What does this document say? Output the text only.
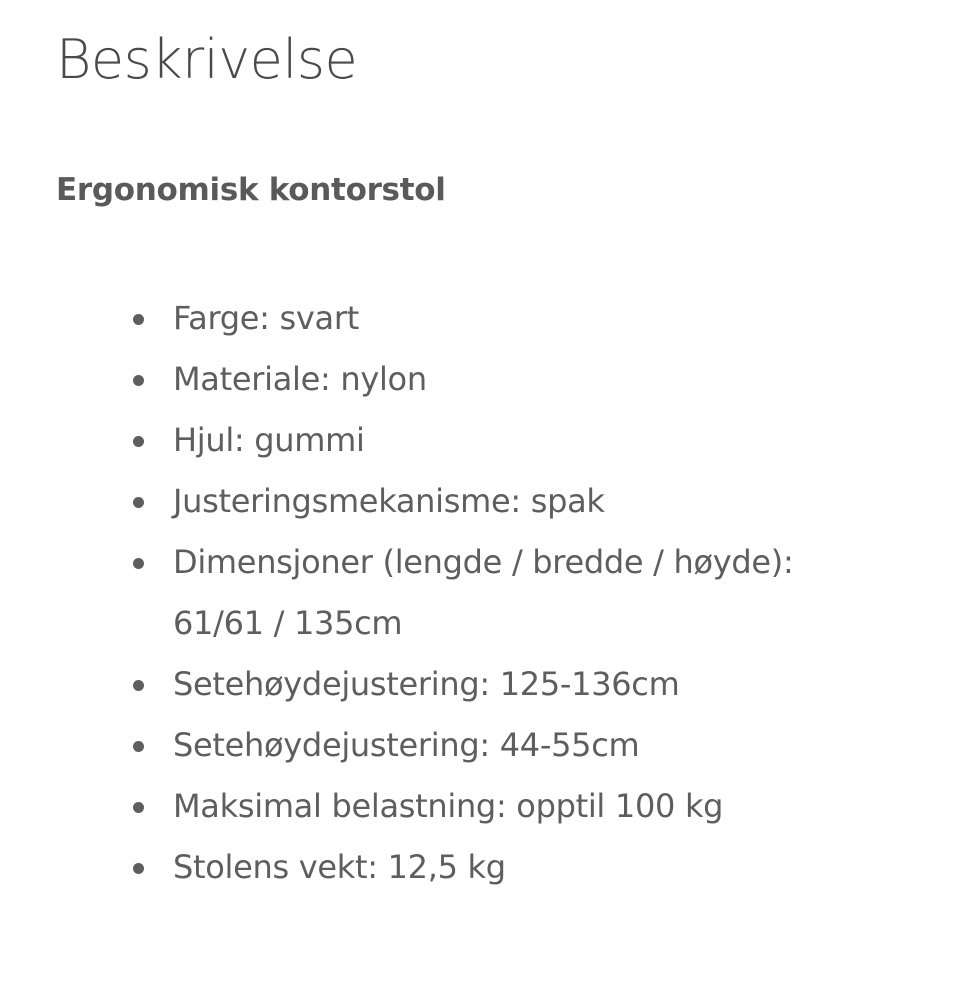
Beskrivelse

Ergonomisk kontorstol

Farge: svart
Materiale: nylon
Hjul: gummi
Justeringsmekanisme: spak
Dimensjoner (lengde / bredde / høyde): 61/61 / 135cm
Setehøydejustering: 125-136cm
Setehøydejustering: 44-55cm
Maksimal belastning: opptil 100 kg
Stolens vekt: 12,5 kg
